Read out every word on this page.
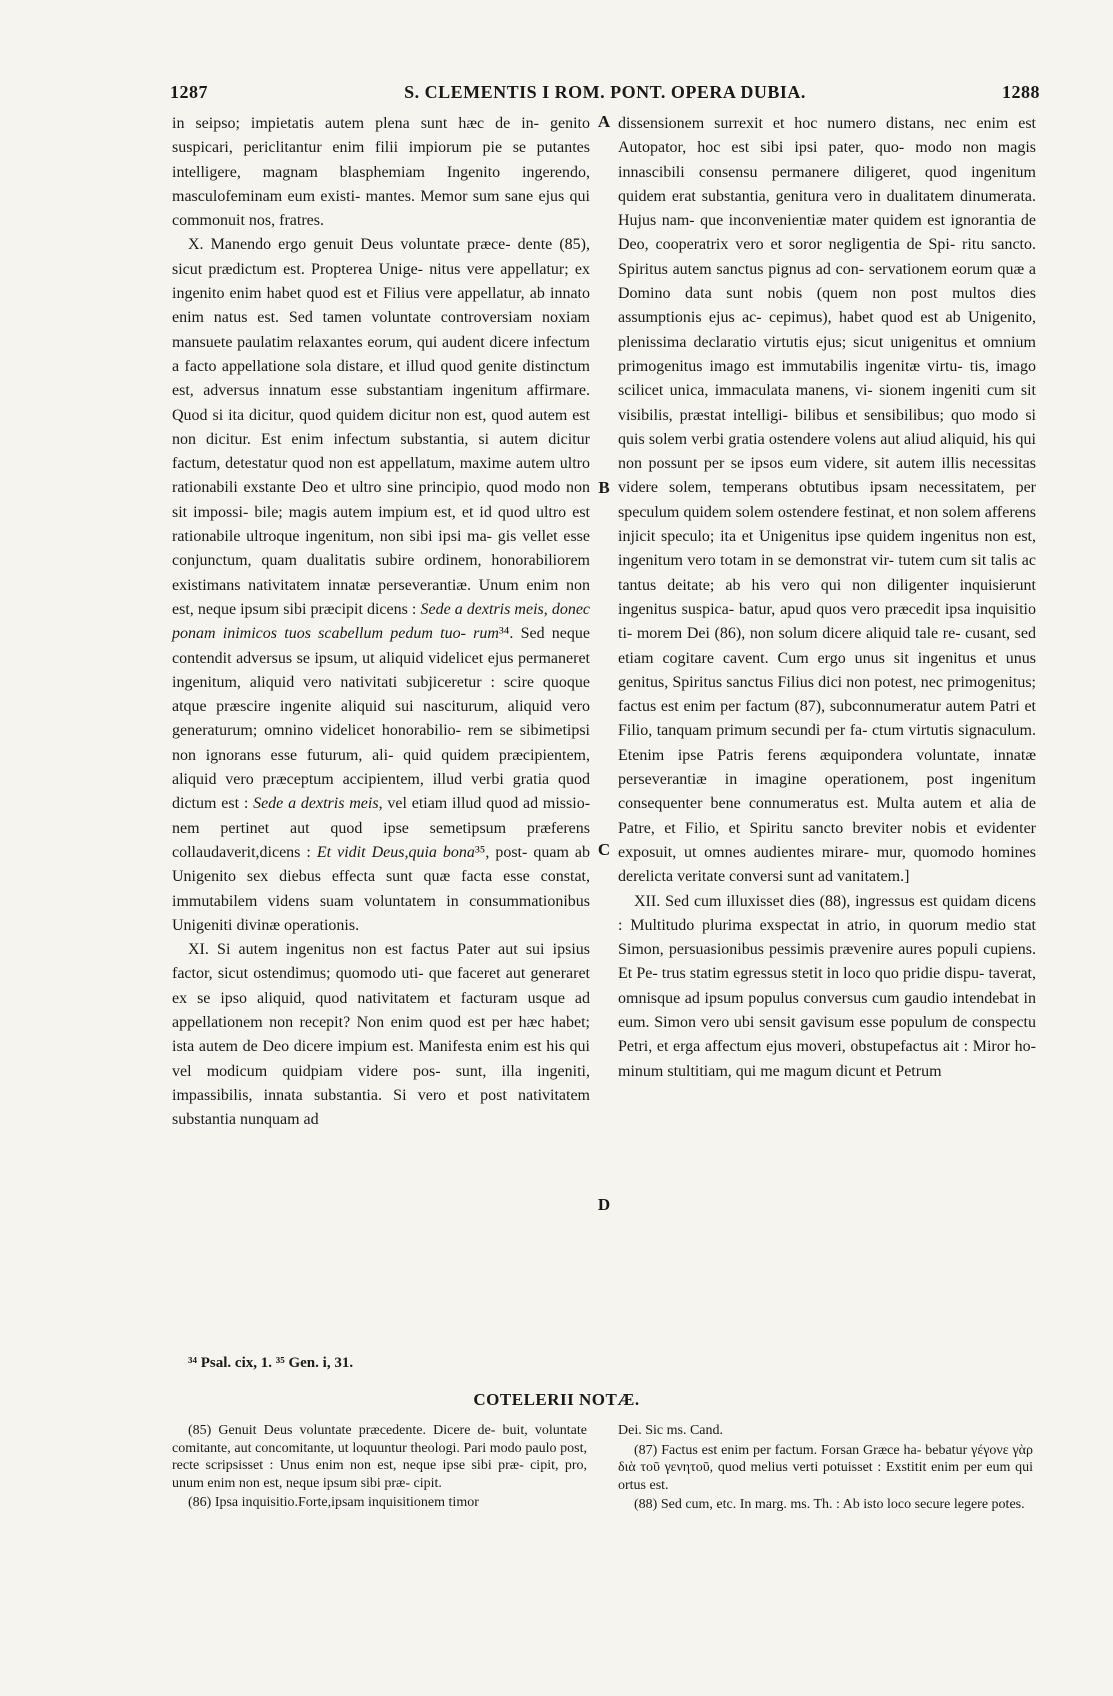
1287	S. CLEMENTIS I ROM. PONT. OPERA DUBIA.	1288

in seipso; impietatis autem plena sunt hæc de in- genito suspicari, periclitantur enim filii impiorum pie se putantes intelligere, magnam blasphemiam Ingenito ingerendo, masculofeminam eum existi- mantes. Memor sum sane ejus qui commonuit nos, fratres.

X. Manendo ergo genuit Deus voluntate præce- dente (85), sicut prædictum est. Propterea Unige- nitus vere appellatur; ex ingenito enim habet quod est et Filius vere appellatur, ab innato enim natus est. Sed tamen voluntate controversiam noxiam mansuete paulatim relaxantes eorum, qui audent dicere infectum a facto appellatione sola distare, et illud quod genite distinctum est, adversus innatum esse substantiam ingenitum affirmare. Quod si ita dicitur, quod quidem dicitur non est, quod autem est non dicitur. Est enim infectum substantia, si autem dicitur factum, detestatur quod non est appellatum, maxime autem ultro rationabili exstante Deo et ultro sine principio, quod modo non sit impossi- bile; magis autem impium est, et id quod ultro est rationabile ultroque ingenitum, non sibi ipsi ma- gis vellet esse conjunctum, quam dualitatis subire ordinem, honorabiliorem existimans nativitatem innatæ perseverantiæ. Unum enim non est, neque ipsum sibi præcipit dicens : Sede a dextris meis, donec ponam inimicos tuos scabellum pedum tuo- rum³⁴. Sed neque contendit adversus se ipsum, ut aliquid videlicet ejus permaneret ingenitum, aliquid vero nativitati subjiceretur : scire quoque atque præscire ingenite aliquid sui nasciturum, aliquid vero generaturum; omnino videlicet honorabilio- rem se sibimetipsi non ignorans esse futurum, ali- quid quidem præcipientem, aliquid vero præceptum accipientem, illud verbi gratia quod dictum est : Sede a dextris meis, vel etiam illud quod ad missio- nem pertinet aut quod ipse semetipsum præferens collaudaverit,dicens : Et vidit Deus,quia bona³⁵, post- quam ab Unigenito sex diebus effecta sunt quæ facta esse constat, immutabilem videns suam voluntatem in consummationibus Unigeniti divinæ operationis.

XI. Si autem ingenitus non est factus Pater aut sui ipsius factor, sicut ostendimus; quomodo uti- que faceret aut generaret ex se ipso aliquid, quod nativitatem et facturam usque ad appellationem non recepit? Non enim quod est per hæc habet; ista autem de Deo dicere impium est. Manifesta enim est his qui vel modicum quidpiam videre pos- sunt, illa ingeniti, impassibilis, innata substantia. Si vero et post nativitatem substantia nunquam ad

dissensionem surrexit et hoc numero distans, nec enim est Autopator, hoc est sibi ipsi pater, quo- modo non magis innascibili consensu permanere diligeret, quod ingenitum quidem erat substantia, genitura vero in dualitatem dinumerata. Hujus nam- que inconvenientiæ mater quidem est ignorantia de Deo, cooperatrix vero et soror negligentia de Spi- ritu sancto. Spiritus autem sanctus pignus ad con- servationem eorum quæ a Domino data sunt nobis (quem non post multos dies assumptionis ejus ac- cepimus), habet quod est ab Unigenito, plenissima declaratio virtutis ejus; sicut unigenitus et omnium primogenitus imago est immutabilis ingenitæ virtu- tis, imago scilicet unica, immaculata manens, vi- sionem ingeniti cum sit visibilis, præstat intelligi- bilibus et sensibilibus; quo modo si quis solem verbi gratia ostendere volens aut aliud aliquid, his qui non possunt per se ipsos eum videre, sit autem illis necessitas videre solem, temperans obtutibus ipsam necessitatem, per speculum quidem solem ostendere festinat, et non solem afferens injicit speculo; ita et Unigenitus ipse quidem ingenitus non est, ingenitum vero totam in se demonstrat vir- tutem cum sit talis ac tantus deitate; ab his vero qui non diligenter inquisierunt ingenitus suspica- batur, apud quos vero præcedit ipsa inquisitio ti- morem Dei (86), non solum dicere aliquid tale re- cusant, sed etiam cogitare cavent. Cum ergo unus sit ingenitus et unus genitus, Spiritus sanctus Filius dici non potest, nec primogenitus; factus est enim per factum (87), subconnumeratur autem Patri et Filio, tanquam primum secundi per fa- ctum virtutis signaculum. Etenim ipse Patris ferens æquipondera voluntate, innatæ perseverantiæ in imagine operationem, post ingenitum consequenter bene connumeratus est. Multa autem et alia de Patre, et Filio, et Spiritu sancto breviter nobis et evidenter exposuit, ut omnes audientes mirare- mur, quomodo homines derelicta veritate conversi sunt ad vanitatem.]

XII. Sed cum illuxisset dies (88), ingressus est quidam dicens : Multitudo plurima exspectat in atrio, in quorum medio stat Simon, persuasionibus pessimis prævenire aures populi cupiens. Et Pe- trus statim egressus stetit in loco quo pridie dispu- taverat, omnisque ad ipsum populus conversus cum gaudio intendebat in eum. Simon vero ubi sensit gavisum esse populum de conspectu Petri, et erga affectum ejus moveri, obstupefactus ait : Miror ho- minum stultitiam, qui me magum dicunt et Petrum

A
B
C
D
³⁴ Psal. cix, 1. ³⁵ Gen. i, 31.
COTELERII NOTÆ.

(85) Genuit Deus voluntate præcedente. Dicere de- buit, voluntate comitante, aut concomitante, ut loquuntur theologi. Pari modo paulo post, recte scripsisset : Unus enim non est, neque ipse sibi præ- cipit, pro, unum enim non est, neque ipsum sibi præ- cipit.

(86) Ipsa inquisitio.Forte,ipsam inquisitionem timor

Dei. Sic ms. Cand.

(87) Factus est enim per factum. Forsan Græce ha- bebatur γέγονε γὰρ διὰ τοῦ γενητοῦ, quod melius verti potuisset : Exstitit enim per eum qui ortus est.

(88) Sed cum, etc. In marg. ms. Th. : Ab isto loco secure legere potes.
